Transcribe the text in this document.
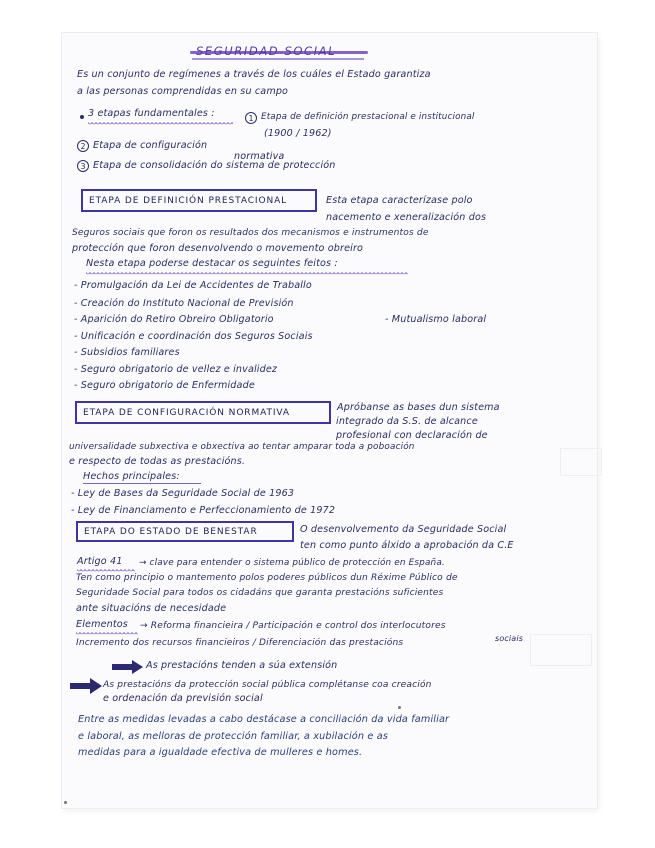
Es un conjunto de regímenes a través de los cuáles el Estado garantiza
a las personas comprendidas en su campo
3 etapas fundamentales :	1 Etapa de definición prestacional e institucional
(1900 / 1962)
2 Etapa de configuración
normativa
3 Etapa de consolidación do sistema de protección
ETAPA DE DEFINICIÓN PRESTACIONAL	Esta etapa caracterízase polo
nacemento e xeneralización dos
Seguros sociais que foron os resultados dos mecanismos e instrumentos de
protección que foron desenvolvendo o movemento obreiro
Nesta etapa poderse destacar os seguintes feitos :
- Promulgación da Lei de Accidentes de Traballo
- Creación do Instituto Nacional de Previsión
- Aparición do Retiro Obreiro Obligatorio	- Mutualismo laboral
- Unificación e coordinación dos Seguros Sociais
- Subsidios familiares
- Seguro obrigatorio de vellez e invalidez
- Seguro obrigatorio de Enfermidade
ETAPA DE CONFIGURACIÓN NORMATIVA	Apróbanse as bases dun sistema
integrado da S.S. de alcance
profesional con declaración de
universalidade subxectiva e obxectiva ao tentar amparar toda a poboación
e respecto de todas as prestacións.
Hechos principales:
- Ley de Bases da Seguridade Social de 1963
- Ley de Financiamento e Perfeccionamiento de 1972
ETAPA DO ESTADO DE BENESTAR	O desenvolvemento da Seguridade Social
ten como punto álxido a aprobación da C.E
Artigo 41 → clave para entender o sistema público de protección en España.
Ten como principio o mantemento polos poderes públicos dun Réxime Público de
Seguridade Social para todos os cidadáns que garanta prestacións suficientes
ante situacións de necesidade
Elementos → Reforma financieira / Participación e control dos interlocutores
sociais
Incremento dos recursos financieiros / Diferenciación das prestacións
As prestacións tenden a súa extensión
As prestacións da protección social pública complétanse coa creación
e ordenación da previsión social
Entre as medidas levadas a cabo destácase a conciliación da vida familiar
e laboral, as melloras de protección familiar, a xubilación e as
medidas para a igualdade efectiva de mulleres e homes.
